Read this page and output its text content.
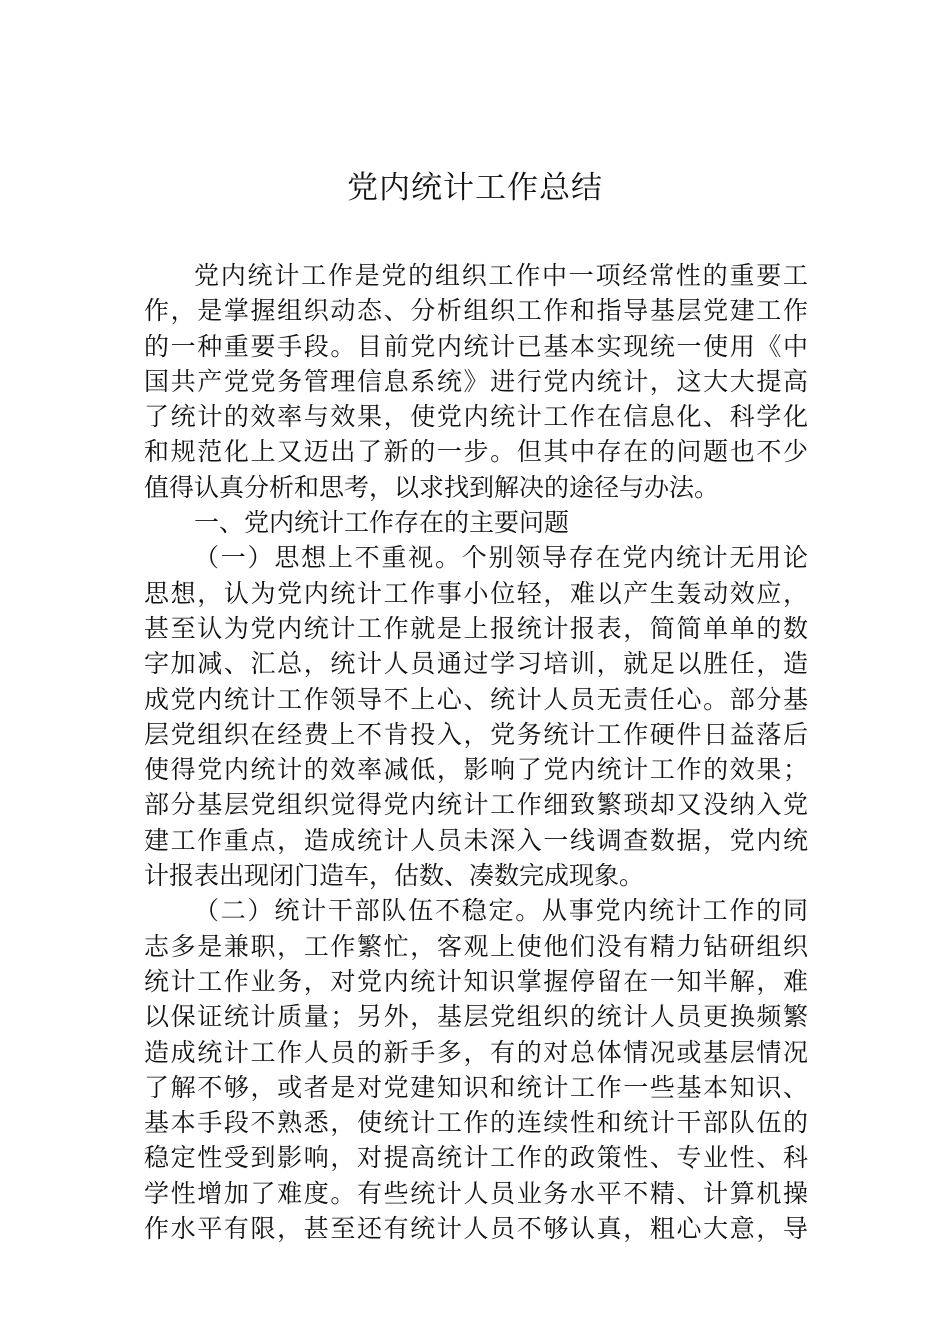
党内统计工作总结
党内统计工作是党的组织工作中一项经常性的重要工
作，是掌握组织动态、分析组织工作和指导基层党建工作
的一种重要手段。目前党内统计已基本实现统一使用《中
国共产党党务管理信息系统》进行党内统计，这大大提高
了统计的效率与效果，使党内统计工作在信息化、科学化
和规范化上又迈出了新的一步。但其中存在的问题也不少
值得认真分析和思考，以求找到解决的途径与办法。
一、党内统计工作存在的主要问题
（一）思想上不重视。个别领导存在党内统计无用论
思想，认为党内统计工作事小位轻，难以产生轰动效应，
甚至认为党内统计工作就是上报统计报表，简简单单的数
字加减、汇总，统计人员通过学习培训，就足以胜任，造
成党内统计工作领导不上心、统计人员无责任心。部分基
层党组织在经费上不肯投入，党务统计工作硬件日益落后
使得党内统计的效率减低，影响了党内统计工作的效果；
部分基层党组织觉得党内统计工作细致繁琐却又没纳入党
建工作重点，造成统计人员未深入一线调查数据，党内统
计报表出现闭门造车，估数、凑数完成现象。
（二）统计干部队伍不稳定。从事党内统计工作的同
志多是兼职，工作繁忙，客观上使他们没有精力钻研组织
统计工作业务，对党内统计知识掌握停留在一知半解，难
以保证统计质量；另外，基层党组织的统计人员更换频繁
造成统计工作人员的新手多，有的对总体情况或基层情况
了解不够，或者是对党建知识和统计工作一些基本知识、
基本手段不熟悉，使统计工作的连续性和统计干部队伍的
稳定性受到影响，对提高统计工作的政策性、专业性、科
学性增加了难度。有些统计人员业务水平不精、计算机操
作水平有限，甚至还有统计人员不够认真，粗心大意，导
